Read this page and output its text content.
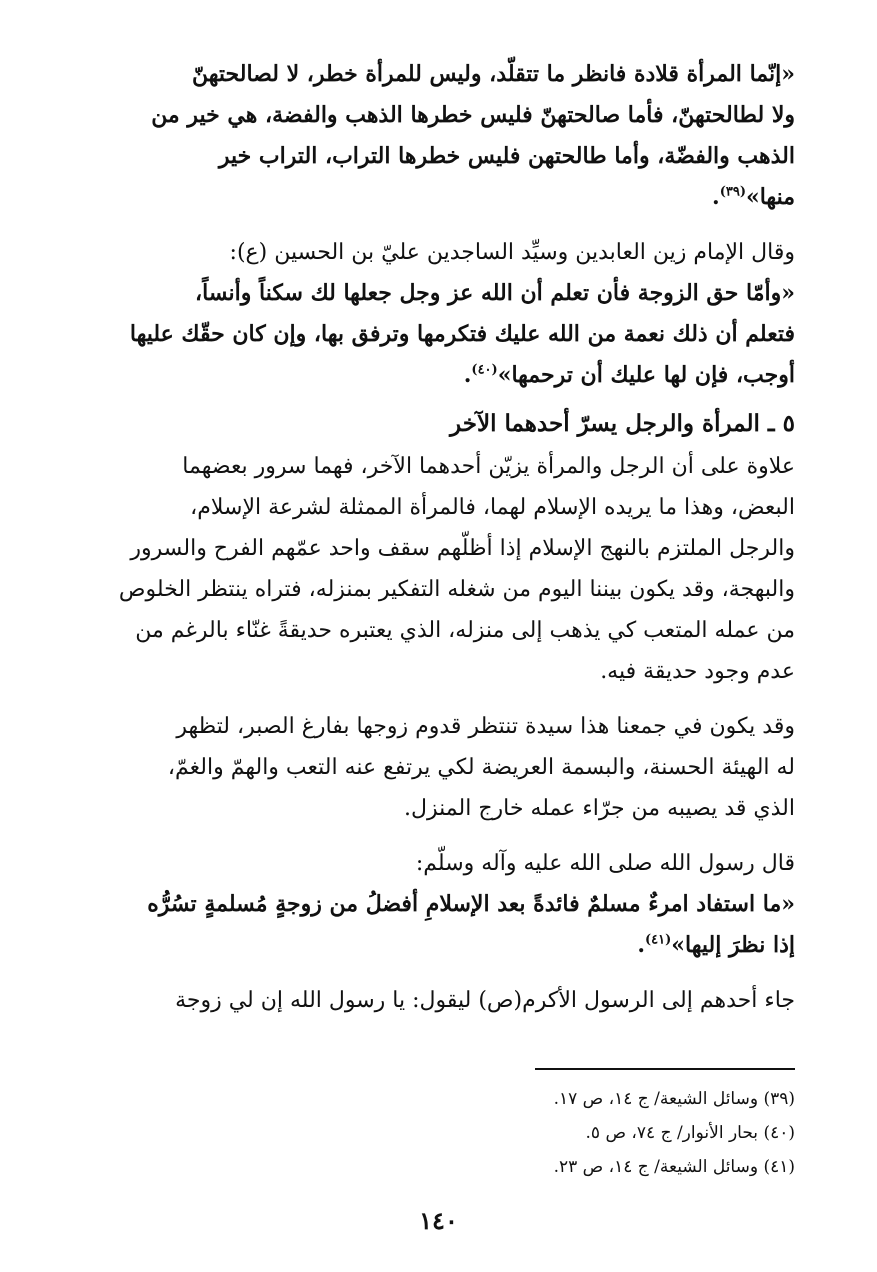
«إنّما المرأة قلادة فانظر ما تتقلّد، وليس للمرأة خطر، لا لصالحتهنّ
ولا لطالحتهنّ، فأما صالحتهنّ فليس خطرها الذهب والفضة، هي خير من
الذهب والفضّة، وأما طالحتهن فليس خطرها التراب، التراب خير
منها»$^{(٣٩)}$.
وقال الإمام زين العابدين وسيِّد الساجدين عليّ بن الحسين (ع):
«وأمّا حق الزوجة فأن تعلم أن الله عز وجل جعلها لك سكناً وأنساً،
فتعلم أن ذلك نعمة من الله عليك فتكرمها وترفق بها، وإن كان حقّك عليها
أوجب، فإن لها عليك أن ترحمها»$^{(٤٠)}$.
٥ ـ المرأة والرجل يسرّ أحدهما الآخر
علاوة على أن الرجل والمرأة يزيّن أحدهما الآخر، فهما سرور بعضهما
البعض، وهذا ما يريده الإسلام لهما، فالمرأة الممثلة لشرعة الإسلام،
والرجل الملتزم بالنهج الإسلام إذا أظلّهم سقف واحد عمّهم الفرح والسرور
والبهجة، وقد يكون بيننا اليوم من شغله التفكير بمنزله، فتراه ينتظر الخلوص
من عمله المتعب كي يذهب إلى منزله، الذي يعتبره حديقةً غنّاء بالرغم من
عدم وجود حديقة فيه.
وقد يكون في جمعنا هذا سيدة تنتظر قدوم زوجها بفارغ الصبر، لتظهر
له الهيئة الحسنة، والبسمة العريضة لكي يرتفع عنه التعب والهمّ والغمّ،
الذي قد يصيبه من جرّاء عمله خارج المنزل.
قال رسول الله صلى الله عليه وآله وسلّم:
«ما استفاد امرءٌ مسلمٌ فائدةً بعد الإسلامِ أفضلُ من زوجةٍ مُسلمةٍ تسُرُّه
إذا نظرَ إليها»$^{(٤١)}$.
جاء أحدهم إلى الرسول الأكرم(ص) ليقول: يا رسول الله إن لي زوجة
(٣٩) وسائل الشيعة/ ج ١٤، ص ١٧.
(٤٠) بحار الأنوار/ ج ٧٤، ص ٥.
(٤١) وسائل الشيعة/ ج ١٤، ص ٢٣.
١٤٠
